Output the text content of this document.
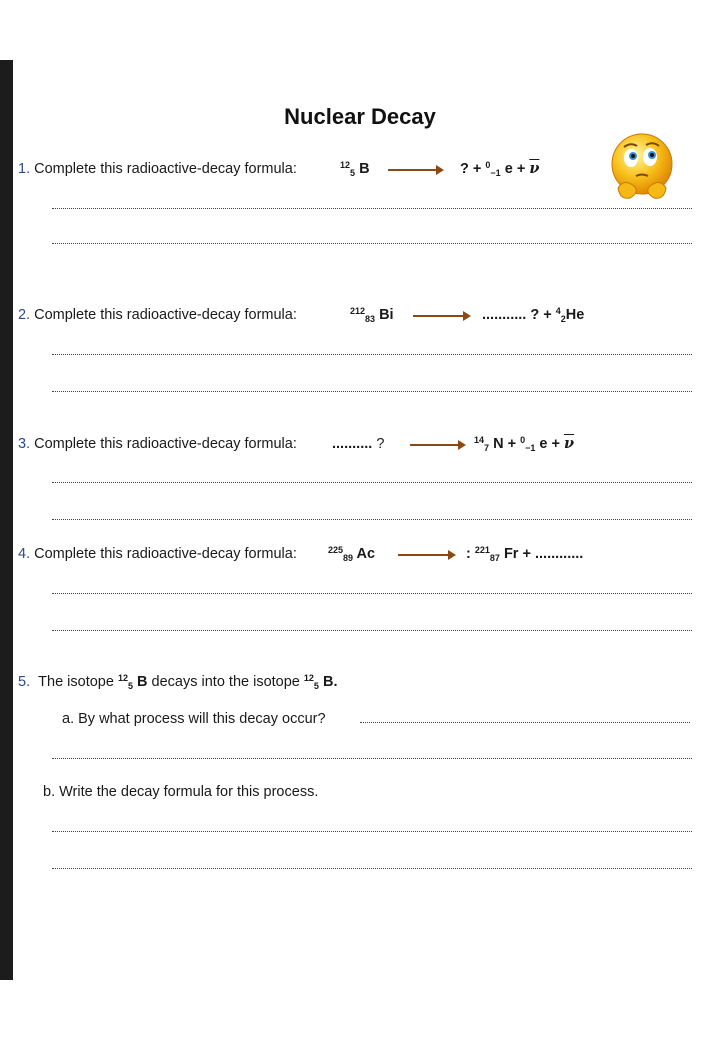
Nuclear Decay
1. Complete this radioactive-decay formula:	$^{12}_5$ B → ? + $^0_{-1}$ $e + \overline{\nu}$
2. Complete this radioactive-decay formula:	$^{212}_{83}$ Bi → ........... ? + $^4_2$He
3. Complete this radioactive-decay formula: .......... ? → $^{14}_7$ N + $^0_{-1}$ $e + \overline{\nu}$
4. Complete this radioactive-decay formula:	$^{225}_{89}$ Ac → : $^{221}_{87}$ Fr + ............
5. The isotope $^{12}_5$ B decays into the isotope $^{12}_5$ B.
a. By what process will this decay occur?
b. Write the decay formula for this process.
